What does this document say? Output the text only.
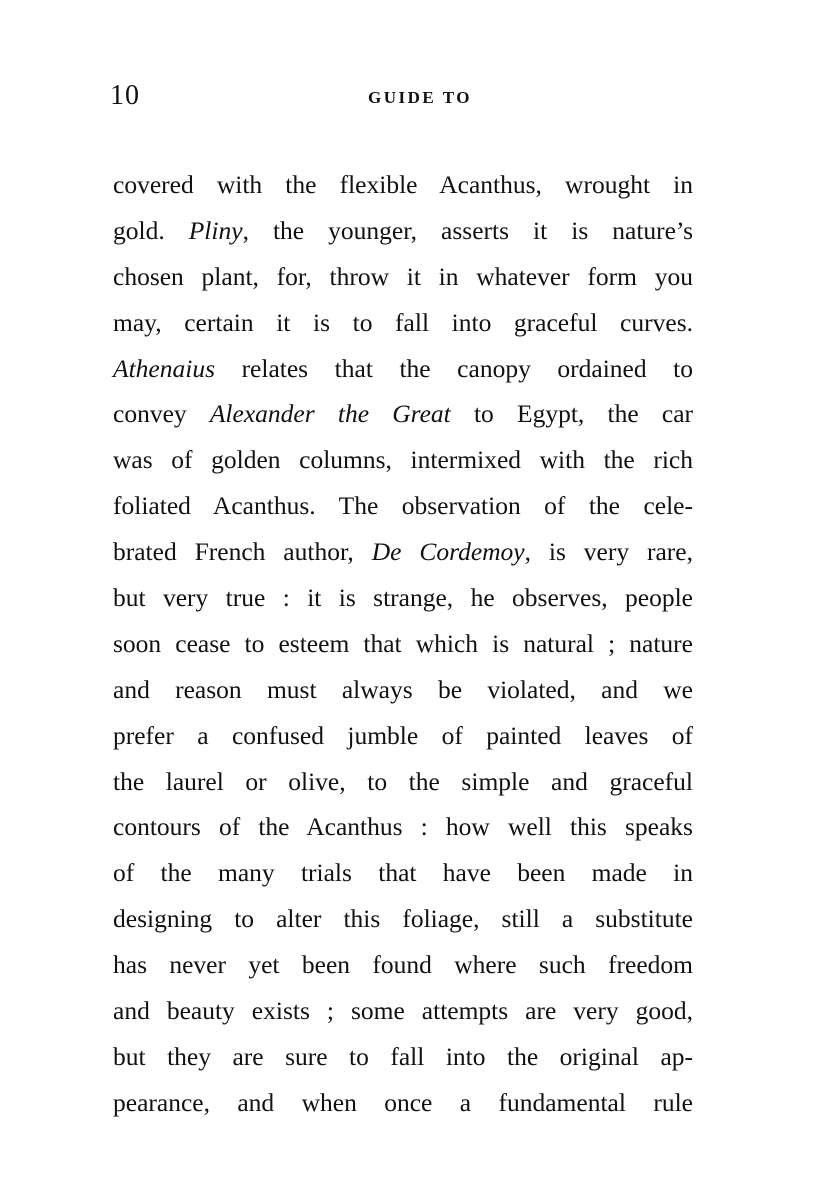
10	GUIDE TO
covered with the flexible Acanthus, wrought in
gold. Pliny, the younger, asserts it is nature’s
chosen plant, for, throw it in whatever form you
may, certain it is to fall into graceful curves.
Athenaius relates that the canopy ordained to
convey Alexander the Great to Egypt, the car
was of golden columns, intermixed with the rich
foliated Acanthus. The observation of the cele-
brated French author, De Cordemoy, is very rare,
but very true : it is strange, he observes, people
soon cease to esteem that which is natural ; nature
and reason must always be violated, and we
prefer a confused jumble of painted leaves of
the laurel or olive, to the simple and graceful
contours of the Acanthus : how well this speaks
of the many trials that have been made in
designing to alter this foliage, still a substitute
has never yet been found where such freedom
and beauty exists ; some attempts are very good,
but they are sure to fall into the original ap-
pearance, and when once a fundamental rule
